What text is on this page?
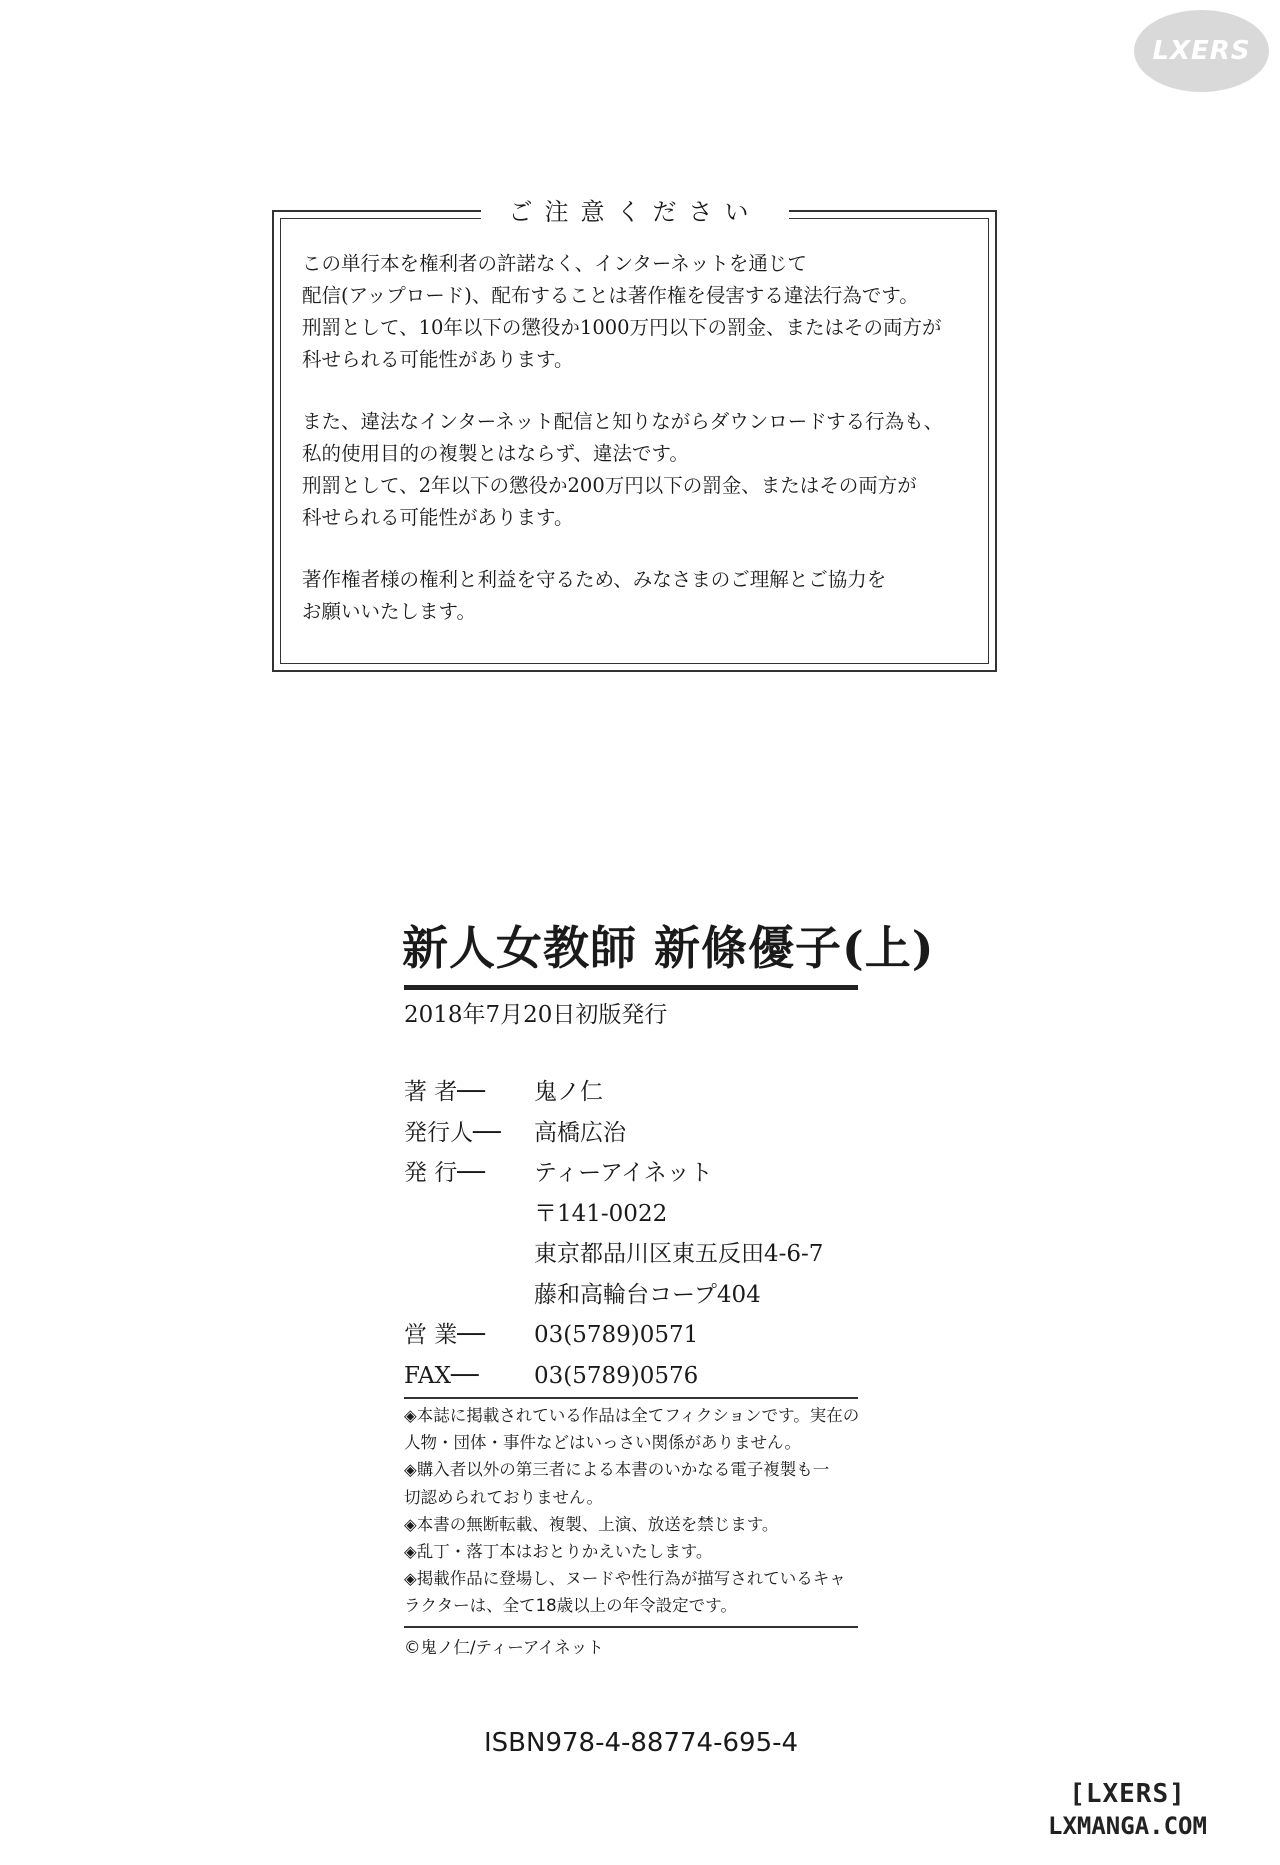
LXERS
ご注意ください

この単行本を権利者の許諾なく、インターネットを通じて
配信(アップロード)、配布することは著作権を侵害する違法行為です。
刑罰として、10年以下の懲役か1000万円以下の罰金、またはその両方が
科せられる可能性があります。

また、違法なインターネット配信と知りながらダウンロードする行為も、
私的使用目的の複製とはならず、違法です。
刑罰として、2年以下の懲役か200万円以下の罰金、またはその両方が
科せられる可能性があります。

著作権者様の権利と利益を守るため、みなさまのご理解とご協力を
お願いいたします。

新人女教師 新條優子(上)
2018年7月20日初版発行
著 者──	鬼ノ仁
発行人──	高橋広治
発 行──	ティーアイネット
〒141-0022
東京都品川区東五反田4-6-7
藤和高輪台コープ404
営 業──	03(5789)0571
FAX──	03(5789)0576
◈本誌に掲載されている作品は全てフィクションです。実在の
人物・団体・事件などはいっさい関係がありません。
◈購入者以外の第三者による本書のいかなる電子複製も一
切認められておりません。
◈本書の無断転載、複製、上演、放送を禁じます。
◈乱丁・落丁本はおとりかえいたします。
◈掲載作品に登場し、ヌードや性行為が描写されているキャ
ラクターは、全て18歳以上の年令設定です。
©鬼ノ仁/ティーアイネット
ISBN978-4-88774-695-4
[LXERS]
LXMANGA.COM
